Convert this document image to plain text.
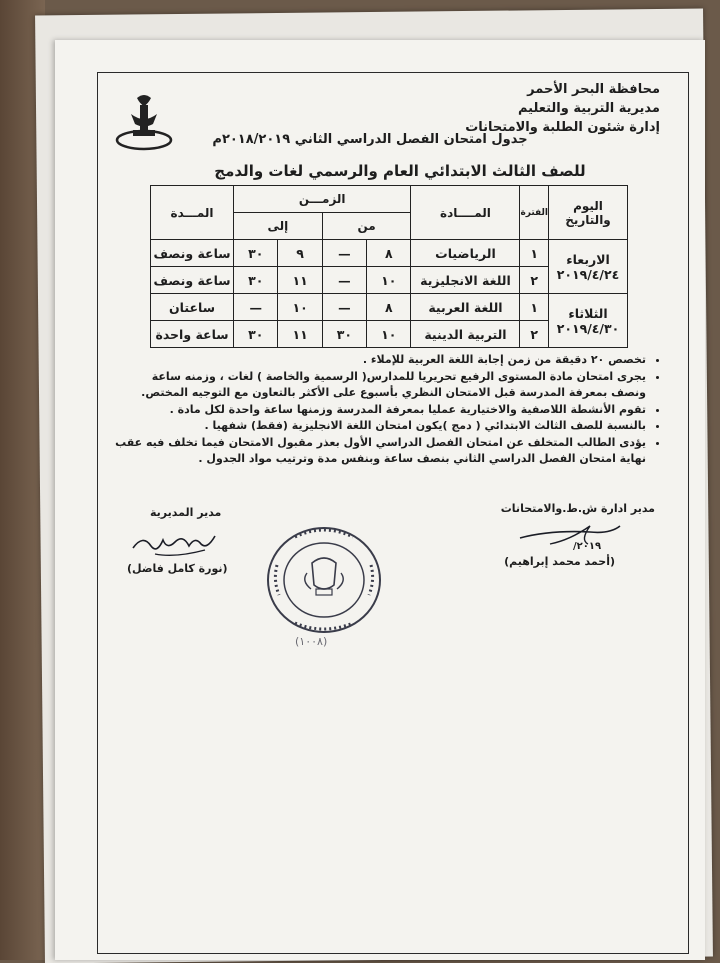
محافظة البحر الأحمر
مديرية التربية والتعليم
إدارة شئون الطلبة والامتحانات
جدول امتحان الفصل الدراسي الثاني ٢٠١٨/٢٠١٩م
للصف الثالث الابتدائي العام والرسمي لغات والدمج
اليوم والتاريخ	الفترة	المــــادة	الزمـــن				المـــدة
			من		إلى		

الاربعاء
٢٠١٩/٤/٢٤	١	الرياضيات	٨	—	٩	٣٠	ساعة ونصف
	٢	اللغة الانجليزية	١٠	—	١١	٣٠	ساعة ونصف

الثلاثاء
٢٠١٩/٤/٣٠	١	اللغة العربية	٨	—	١٠	—	ساعتان
	٢	التربية الدينية	١٠	٣٠	١١	٣٠	ساعة واحدة
• تخصص ٢٠ دقيقة من زمن إجابة اللغة العربية للإملاء .
• يجرى امتحان مادة المستوى الرفيع تحريريا للمدارس( الرسمية والخاصة ) لغات ، وزمنه ساعة ونصف بمعرفة المدرسة قبل الامتحان النظري بأسبوع على الأكثر بالتعاون مع التوجيه المختص.
• تقوم الأنشطة اللاصفية والاختيارية عمليا بمعرفة المدرسة وزمنها ساعة واحدة لكل مادة .
• بالنسبة للصف الثالث الابتدائي ( دمج )يكون امتحان اللغة الانجليزية (فقط) شفهيا .
• يؤدى الطالب المتخلف عن امتحان الفصل الدراسي الأول بعذر مقبول الامتحان فيما تخلف فيه عقب نهاية امتحان الفصل الدراسي الثاني بنصف ساعة وبنفس مدة وترتيب مواد الجدول .
مدير المديرية
(نورة كامل فاضل)
مدير ادارة ش.ط.والامتحانات
٢٠١٩/
(أحمد محمد إبراهيم)
(١٠٠٨)
